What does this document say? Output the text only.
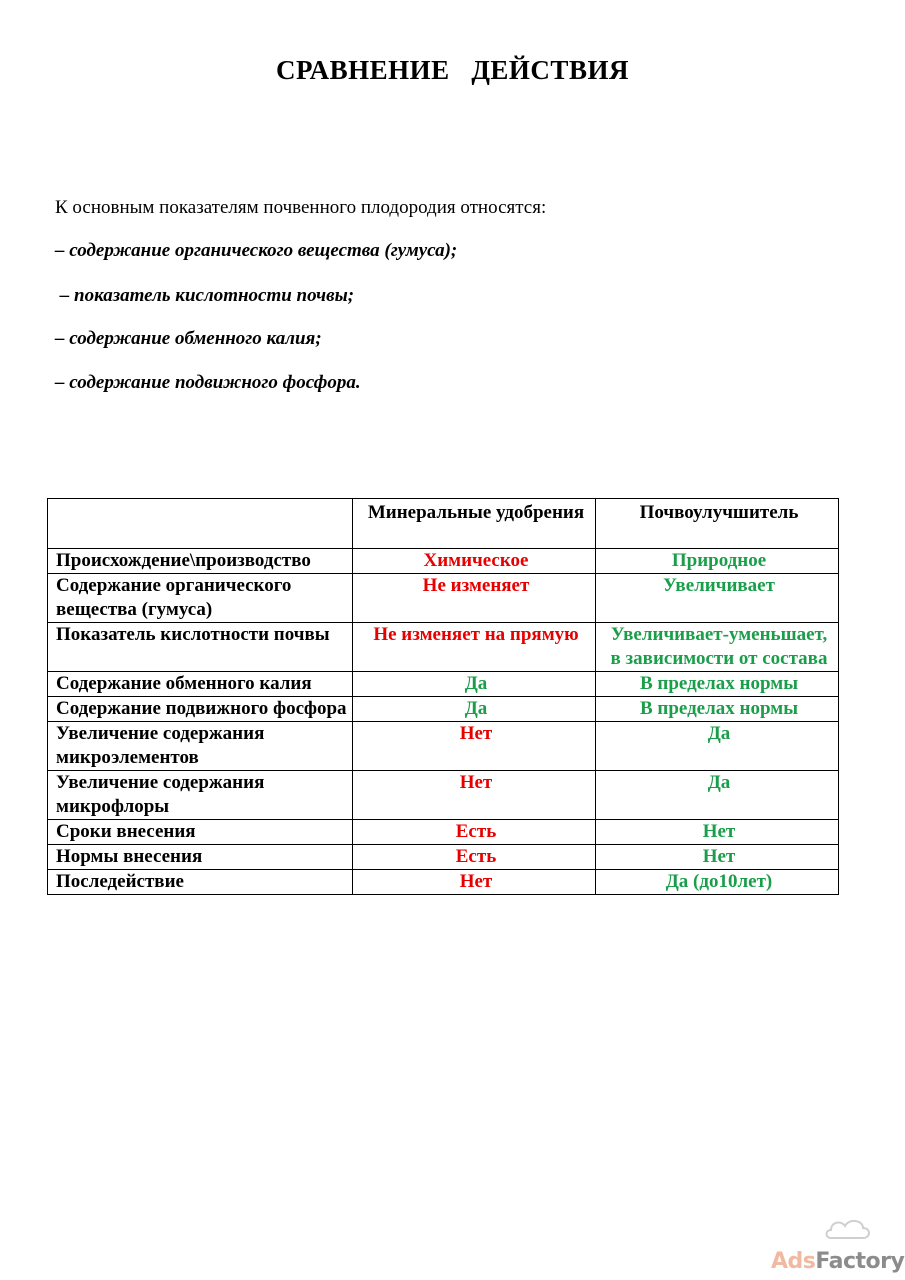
СРАВНЕНИЕ   ДЕЙСТВИЯ
К основным показателям почвенного плодородия относятся:
– содержание органического вещества (гумуса);
– показатель кислотности почвы;
– содержание обменного калия;
– содержание подвижного фосфора.
	Минеральные удобрения	Почвоулучшитель
Происхождение\производство	Химическое	Природное
Содержание органического вещества (гумуса)	Не изменяет	Увеличивает
Показатель кислотности почвы	Не изменяет на прямую	Увеличивает-уменьшает, в зависимости от состава
Содержание обменного калия	Да	В пределах нормы
Содержание подвижного фосфора	Да	В пределах нормы
Увеличение содержания микроэлементов	Нет	Да
Увеличение содержания микрофлоры	Нет	Да
Сроки внесения	Есть	Нет
Нормы внесения	Есть	Нет
Последействие	Нет	Да (до10лет)
AdsFactory
